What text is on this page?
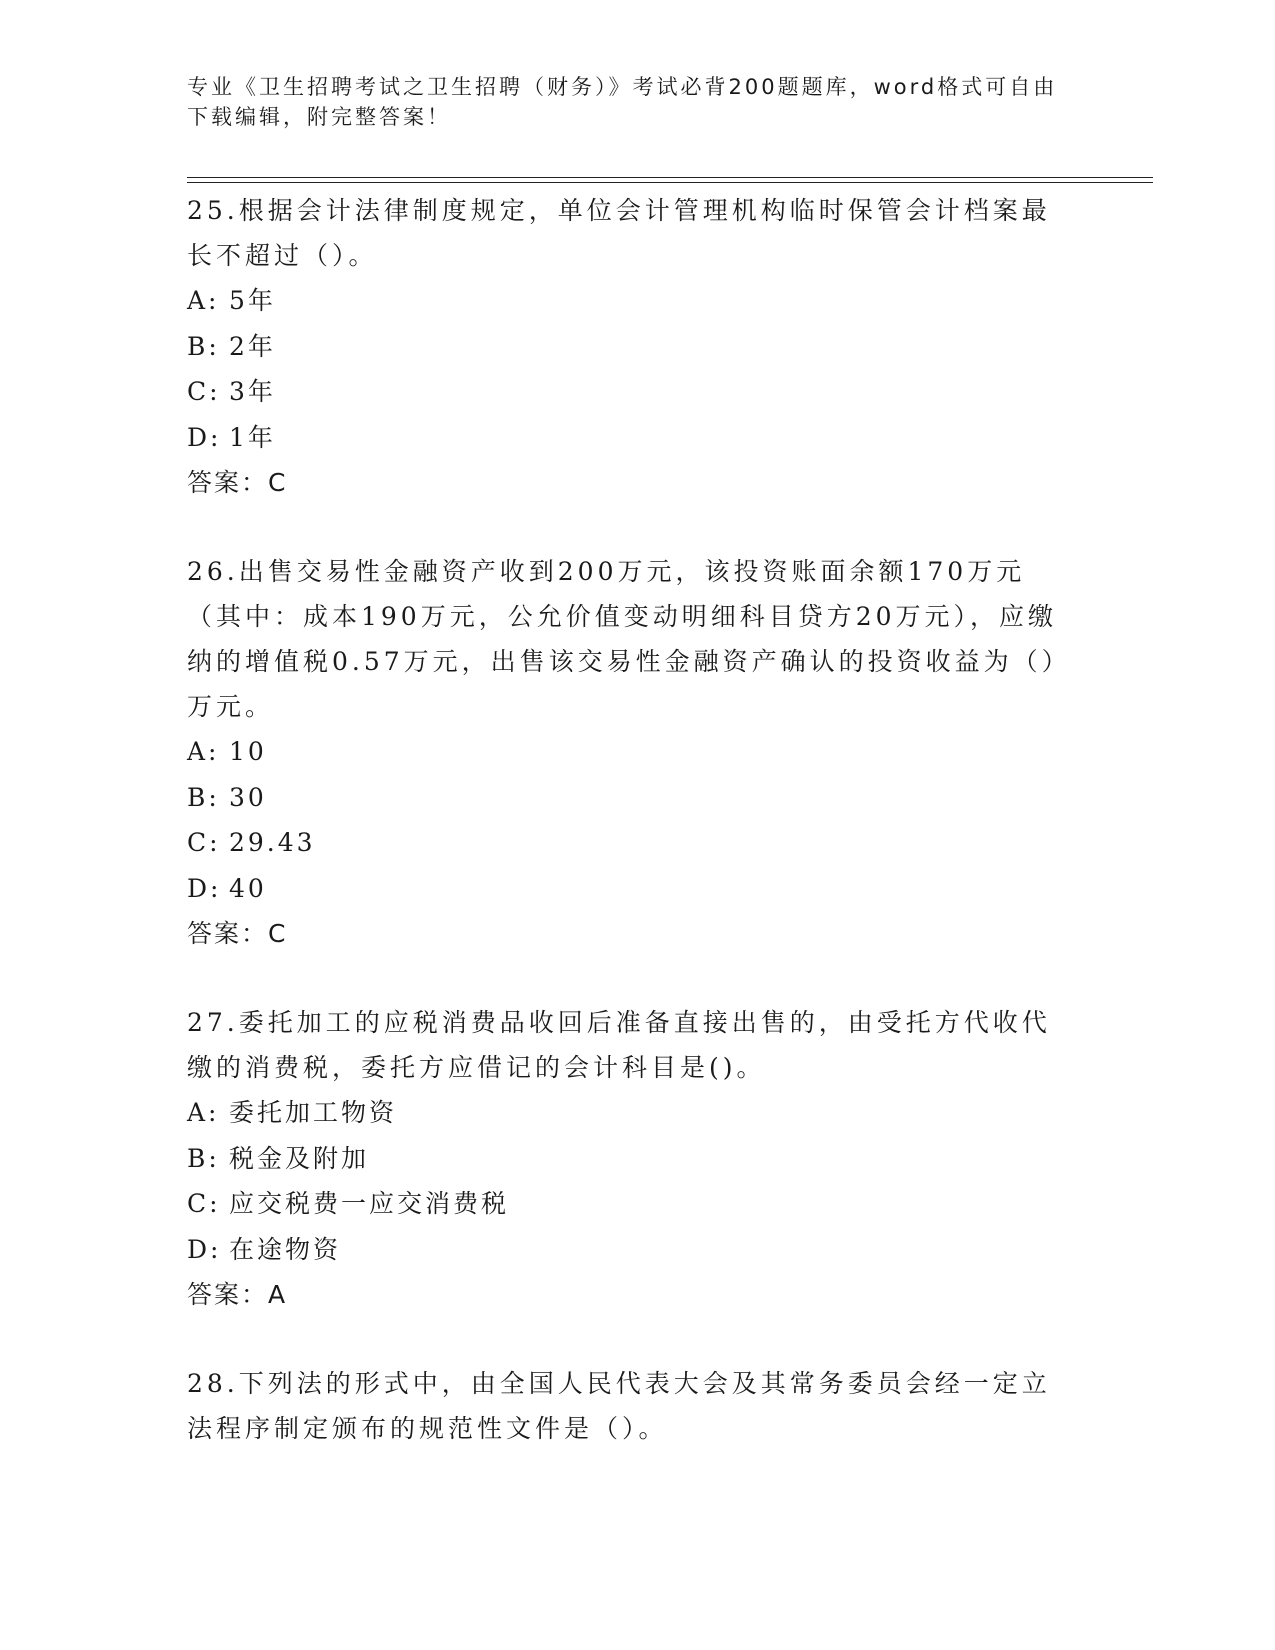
专业《卫生招聘考试之卫生招聘（财务）》考试必背200题题库，word格式可自由下载编辑，附完整答案！
25.根据会计法律制度规定，单位会计管理机构临时保管会计档案最长不超过（）。
A: 5年
B: 2年
C: 3年
D: 1年
答案：C
26.出售交易性金融资产收到200万元，该投资账面余额170万元（其中：成本190万元，公允价值变动明细科目贷方20万元），应缴纳的增值税0.57万元，出售该交易性金融资产确认的投资收益为（）万元。
A: 10
B: 30
C: 29.43
D: 40
答案：C
27.委托加工的应税消费品收回后准备直接出售的，由受托方代收代缴的消费税，委托方应借记的会计科目是()。
A: 委托加工物资
B: 税金及附加
C: 应交税费一应交消费税
D: 在途物资
答案：A
28.下列法的形式中，由全国人民代表大会及其常务委员会经一定立法程序制定颁布的规范性文件是（）。
